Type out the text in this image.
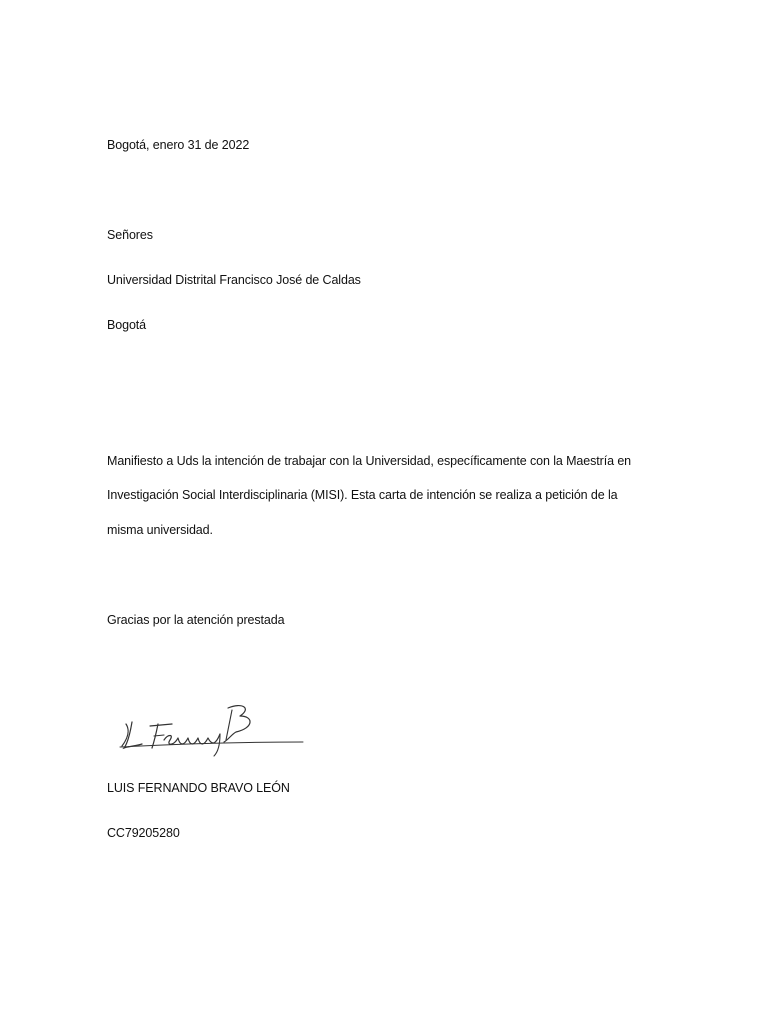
Bogotá, enero 31 de 2022
Señores
Universidad Distrital Francisco José de Caldas
Bogotá
Manifiesto a Uds la intención de trabajar con la Universidad, específicamente con la Maestría en
Investigación Social Interdisciplinaria (MISI). Esta carta de intención se realiza a petición de la
misma universidad.
Gracias por la atención prestada
LUIS FERNANDO BRAVO LEÓN
CC79205280
